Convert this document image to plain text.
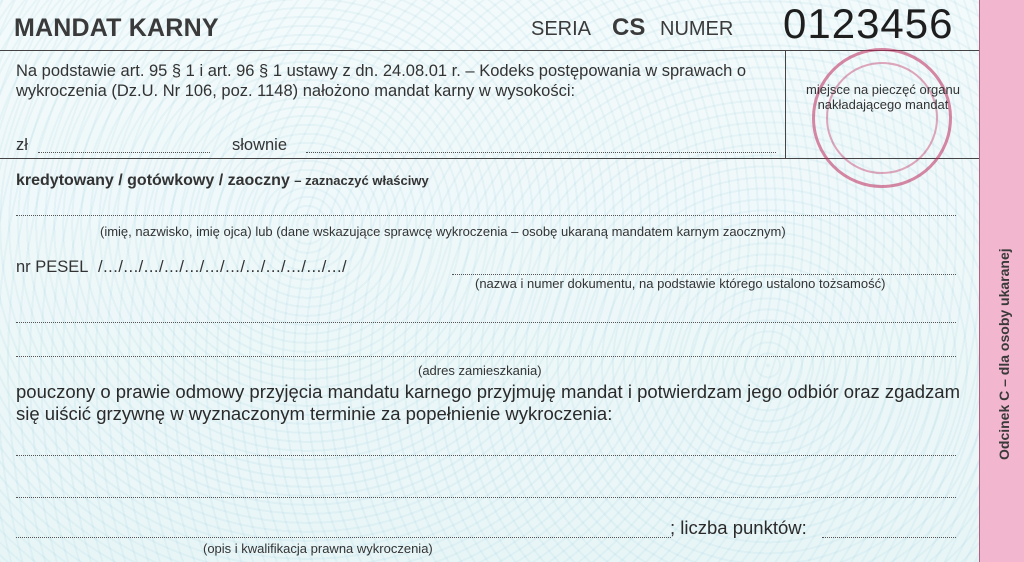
MANDAT KARNY	SERIA CS NUMER 0123456
Na podstawie art. 95 § 1 i art. 96 § 1 ustawy z dn. 24.08.01 r. – Kodeks postępowania w sprawach o wykroczenia (Dz.U. Nr 106, poz. 1148) nałożono mandat karny w wysokości:	miejsce na pieczęć organu nakładającego mandat
zł	słownie
kredytowany / gotówkowy / zaoczny – zaznaczyć właściwy
(imię, nazwisko, imię ojca) lub (dane wskazujące sprawcę wykroczenia – osobę ukaraną mandatem karnym zaocznym)
nr PESEL /.../.../.../.../.../.../.../.../.../.../.../.../
(nazwa i numer dokumentu, na podstawie którego ustalono tożsamość)
(adres zamieszkania)
pouczony o prawie odmowy przyjęcia mandatu karnego przyjmuję mandat i potwierdzam jego odbiór oraz zgadzam się uiścić grzywnę w wyznaczonym terminie za popełnienie wykroczenia:
; liczba punktów:
(opis i kwalifikacja prawna wykroczenia)
Odcinek C – dla osoby ukaranej
